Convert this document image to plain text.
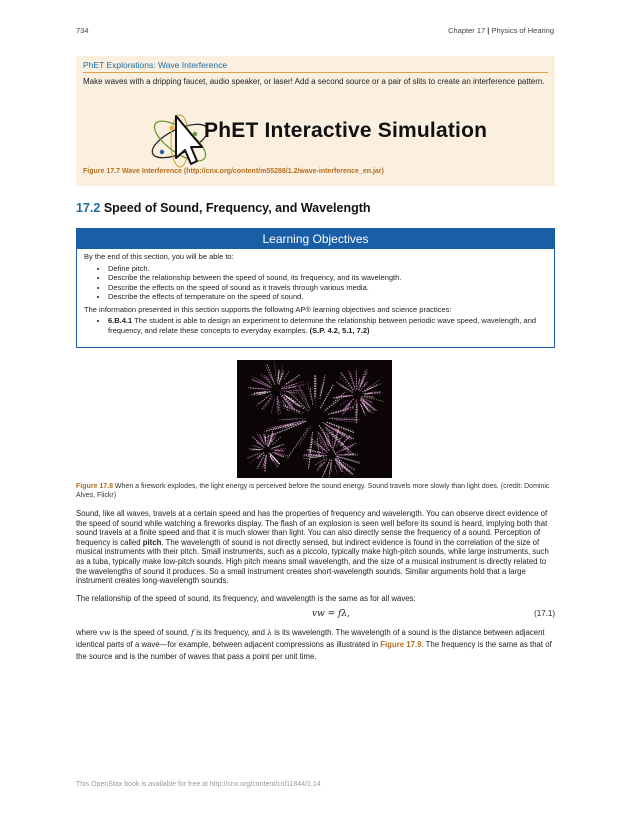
734	Chapter 17 | Physics of Hearing
PhET Explorations: Wave Interference
Make waves with a dripping faucet, audio speaker, or laser! Add a second source or a pair of slits to create an interference pattern.
PhET Interactive Simulation
Figure 17.7 Wave Interference (http://cnx.org/content/m55288/1.2/wave-interference_en.jar)
17.2 Speed of Sound, Frequency, and Wavelength
Learning Objectives

By the end of this section, you will be able to:

• Define pitch.
• Describe the relationship between the speed of sound, its frequency, and its wavelength.
• Describe the effects on the speed of sound as it travels through various media.
• Describe the effects of temperature on the speed of sound.

The information presented in this section supports the following AP® learning objectives and science practices:

• 6.B.4.1 The student is able to design an experiment to determine the relationship between periodic wave speed, wavelength, and frequency, and relate these concepts to everyday examples. (S.P. 4.2, 5.1, 7.2)
Figure 17.8 When a firework explodes, the light energy is perceived before the sound energy. Sound travels more slowly than light does. (credit: Dominic Alves, Flickr)

Sound, like all waves, travels at a certain speed and has the properties of frequency and wavelength. You can observe direct evidence of the speed of sound while watching a fireworks display. The flash of an explosion is seen well before its sound is heard, implying both that sound travels at a finite speed and that it is much slower than light. You can also directly sense the frequency of a sound. Perception of frequency is called pitch. The wavelength of sound is not directly sensed, but indirect evidence is found in the correlation of the size of musical instruments with their pitch. Small instruments, such as a piccolo, typically make high-pitch sounds, while large instruments, such as a tuba, typically make low-pitch sounds. High pitch means small wavelength, and the size of a musical instrument is directly related to the wavelengths of sound it produces. So a small instrument creates short-wavelength sounds. Similar arguments hold that a large instrument creates long-wavelength sounds.

The relationship of the speed of sound, its frequency, and wavelength is the same as for all waves:

vw = fλ,	(17.1)

where vw is the speed of sound, f is its frequency, and λ is its wavelength. The wavelength of a sound is the distance between adjacent identical parts of a wave—for example, between adjacent compressions as illustrated in Figure 17.9. The frequency is the same as that of the source and is the number of waves that pass a point per unit time.

This OpenStax book is available for free at http://cnx.org/content/col11844/1.14
